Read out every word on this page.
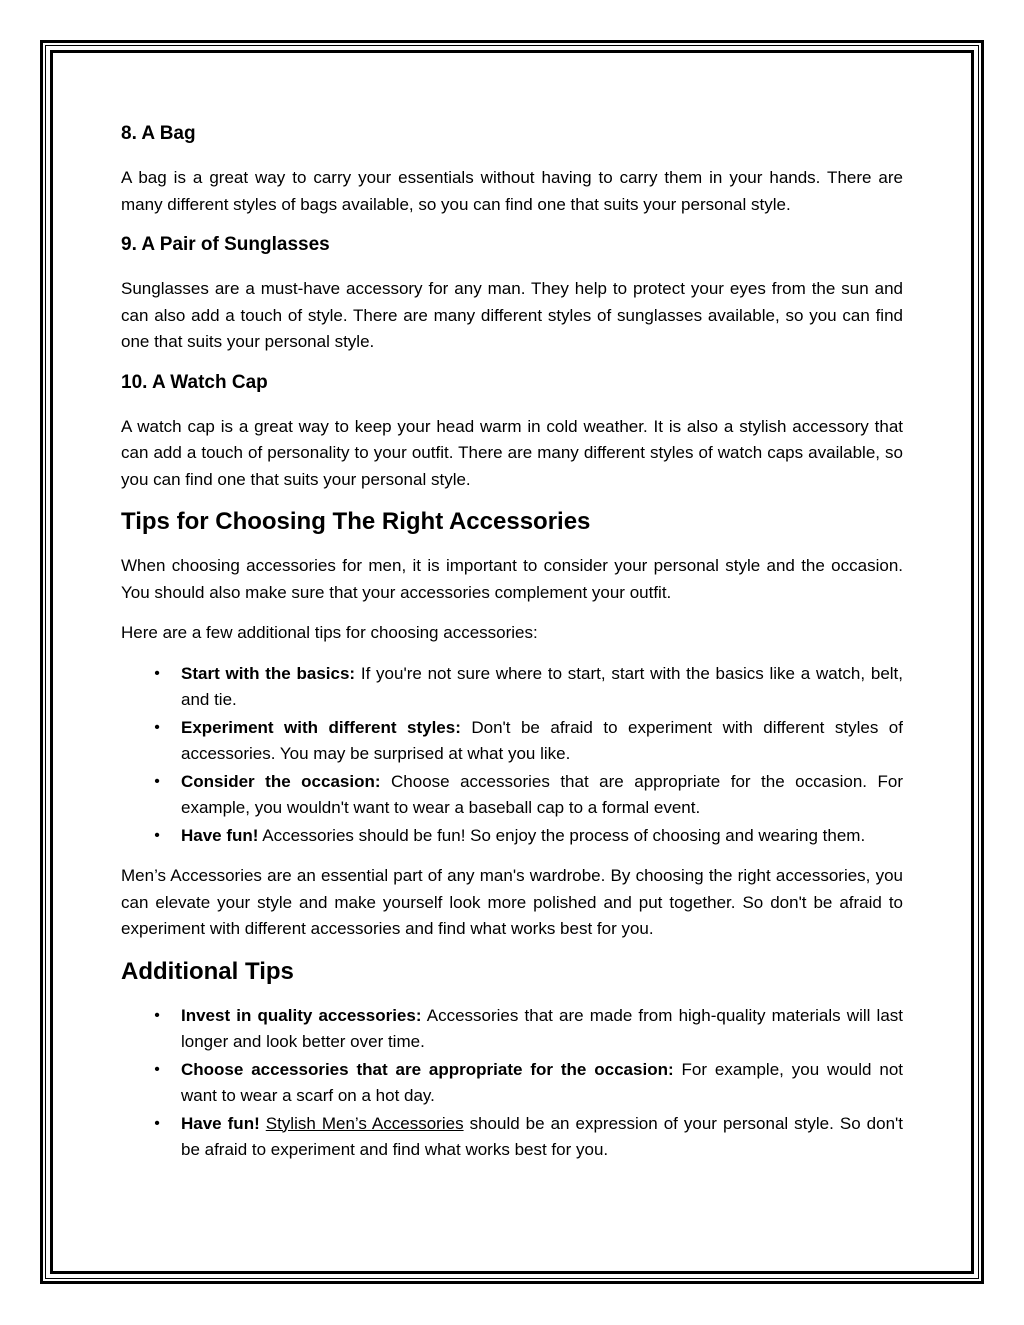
8. A Bag

A bag is a great way to carry your essentials without having to carry them in your hands. There are many different styles of bags available, so you can find one that suits your personal style.

9. A Pair of Sunglasses

Sunglasses are a must-have accessory for any man. They help to protect your eyes from the sun and can also add a touch of style. There are many different styles of sunglasses available, so you can find one that suits your personal style.

10. A Watch Cap

A watch cap is a great way to keep your head warm in cold weather. It is also a stylish accessory that can add a touch of personality to your outfit. There are many different styles of watch caps available, so you can find one that suits your personal style.

Tips for Choosing The Right Accessories

When choosing accessories for men, it is important to consider your personal style and the occasion. You should also make sure that your accessories complement your outfit.

Here are a few additional tips for choosing accessories:

• Start with the basics: If you're not sure where to start, start with the basics like a watch, belt, and tie.
• Experiment with different styles: Don't be afraid to experiment with different styles of accessories. You may be surprised at what you like.
• Consider the occasion: Choose accessories that are appropriate for the occasion. For example, you wouldn't want to wear a baseball cap to a formal event.
• Have fun! Accessories should be fun! So enjoy the process of choosing and wearing them.

Men’s Accessories are an essential part of any man's wardrobe. By choosing the right accessories, you can elevate your style and make yourself look more polished and put together. So don't be afraid to experiment with different accessories and find what works best for you.

Additional Tips
• Invest in quality accessories: Accessories that are made from high-quality materials will last longer and look better over time.
• Choose accessories that are appropriate for the occasion: For example, you would not want to wear a scarf on a hot day.
• Have fun! Stylish Men’s Accessories should be an expression of your personal style. So don't be afraid to experiment and find what works best for you.
